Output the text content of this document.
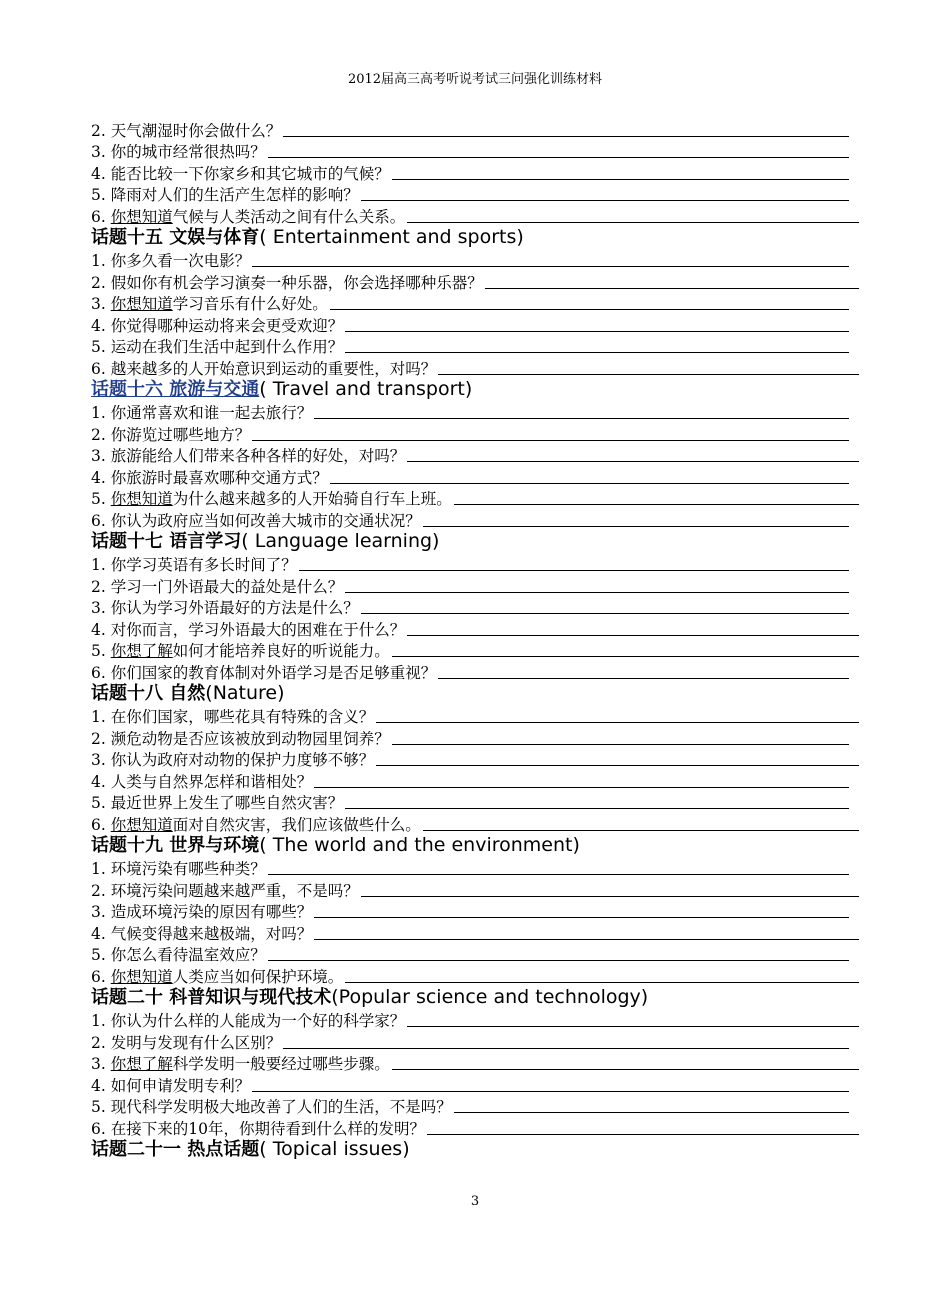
2012届高三高考听说考试三问强化训练材料
2. 天气潮湿时你会做什么？
3. 你的城市经常很热吗？
4. 能否比较一下你家乡和其它城市的气候？
5. 降雨对人们的生活产生怎样的影响？
6. 你想知道气候与人类活动之间有什么关系。
话题十五 文娱与体育 ( Entertainment and sports)
1. 你多久看一次电影？
2. 假如你有机会学习演奏一种乐器，你会选择哪种乐器？
3. 你想知道学习音乐有什么好处。
4. 你觉得哪种运动将来会更受欢迎？
5. 运动在我们生活中起到什么作用？
6. 越来越多的人开始意识到运动的重要性，对吗？
话题十六 旅游与交通 ( Travel and transport)
1. 你通常喜欢和谁一起去旅行？
2. 你游览过哪些地方？
3. 旅游能给人们带来各种各样的好处，对吗？
4. 你旅游时最喜欢哪种交通方式？
5. 你想知道为什么越来越多的人开始骑自行车上班。
6. 你认为政府应当如何改善大城市的交通状况？
话题十七 语言学习 ( Language learning)
1. 你学习英语有多长时间了？
2. 学习一门外语最大的益处是什么？
3. 你认为学习外语最好的方法是什么？
4. 对你而言，学习外语最大的困难在于什么？
5. 你想了解如何才能培养良好的听说能力。
6. 你们国家的教育体制对外语学习是否足够重视？
话题十八 自然 (Nature)
1. 在你们国家，哪些花具有特殊的含义？
2. 濒危动物是否应该被放到动物园里饲养？
3. 你认为政府对动物的保护力度够不够？
4. 人类与自然界怎样和谐相处？
5. 最近世界上发生了哪些自然灾害？
6. 你想知道面对自然灾害，我们应该做些什么。
话题十九 世界与环境 ( The world and the environment)
1. 环境污染有哪些种类？
2. 环境污染问题越来越严重，不是吗？
3. 造成环境污染的原因有哪些？
4. 气候变得越来越极端，对吗？
5. 你怎么看待温室效应？
6. 你想知道人类应当如何保护环境。
话题二十 科普知识与现代技术 (Popular science and technology)
1. 你认为什么样的人能成为一个好的科学家？
2. 发明与发现有什么区别？
3. 你想了解科学发明一般要经过哪些步骤。
4. 如何申请发明专利？
5. 现代科学发明极大地改善了人们的生活，不是吗？
6. 在接下来的10年，你期待看到什么样的发明？
话题二十一 热点话题 ( Topical issues)
3
